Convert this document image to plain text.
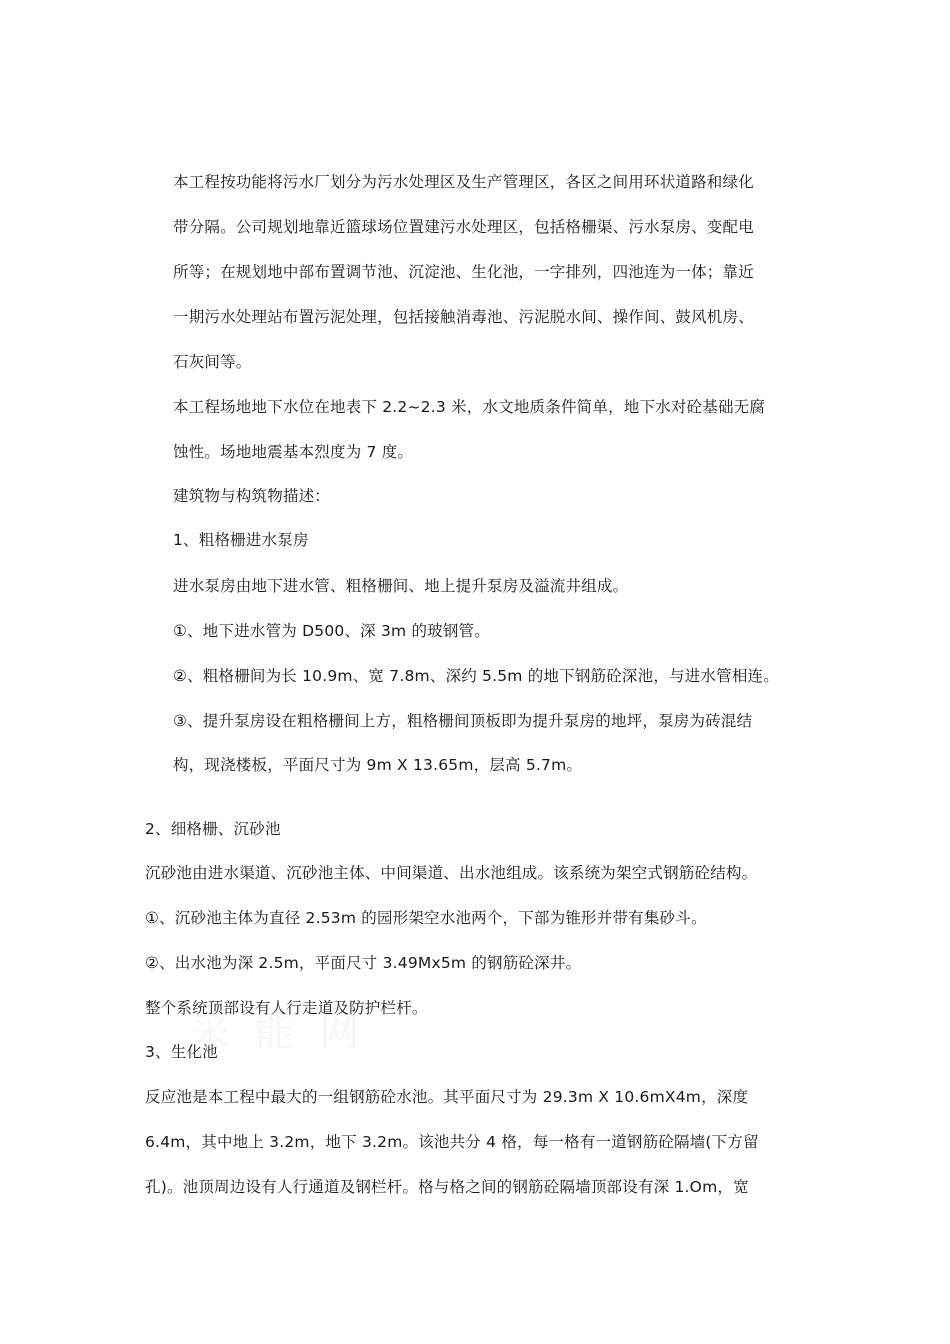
采 能 网
本工程按功能将污水厂划分为污水处理区及生产管理区，各区之间用环状道路和绿化
带分隔。公司规划地靠近篮球场位置建污水处理区，包括格栅渠、污水泵房、变配电
所等；在规划地中部布置调节池、沉淀池、生化池，一字排列，四池连为一体；靠近
一期污水处理站布置污泥处理，包括接触消毒池、污泥脱水间、操作间、鼓风机房、
石灰间等。
本工程场地地下水位在地表下 2.2~2.3 米，水文地质条件简单，地下水对砼基础无腐
蚀性。场地地震基本烈度为 7 度。
建筑物与构筑物描述：
1、粗格栅进水泵房
进水泵房由地下进水管、粗格栅间、地上提升泵房及溢流井组成。
①、地下进水管为 D500、深 3m 的玻钢管。
②、粗格栅间为长 10.9m、宽 7.8m、深约 5.5m 的地下钢筋砼深池，与进水管相连。
③、提升泵房设在粗格栅间上方，粗格栅间顶板即为提升泵房的地坪，泵房为砖混结
构，现浇楼板，平面尺寸为 9m X 13.65m，层高 5.7m。
2、细格栅、沉砂池
沉砂池由进水渠道、沉砂池主体、中间渠道、出水池组成。该系统为架空式钢筋砼结构。
①、沉砂池主体为直径 2.53m 的园形架空水池两个，下部为锥形并带有集砂斗。
②、出水池为深 2.5m，平面尺寸 3.49Mx5m 的钢筋砼深井。
整个系统顶部设有人行走道及防护栏杆。
3、生化池
反应池是本工程中最大的一组钢筋砼水池。其平面尺寸为 29.3m X 10.6mX4m，深度
6.4m，其中地上 3.2m，地下 3.2m。该池共分 4 格，每一格有一道钢筋砼隔墙(下方留
孔)。池顶周边设有人行通道及钢栏杆。格与格之间的钢筋砼隔墙顶部设有深 1.Om，宽
